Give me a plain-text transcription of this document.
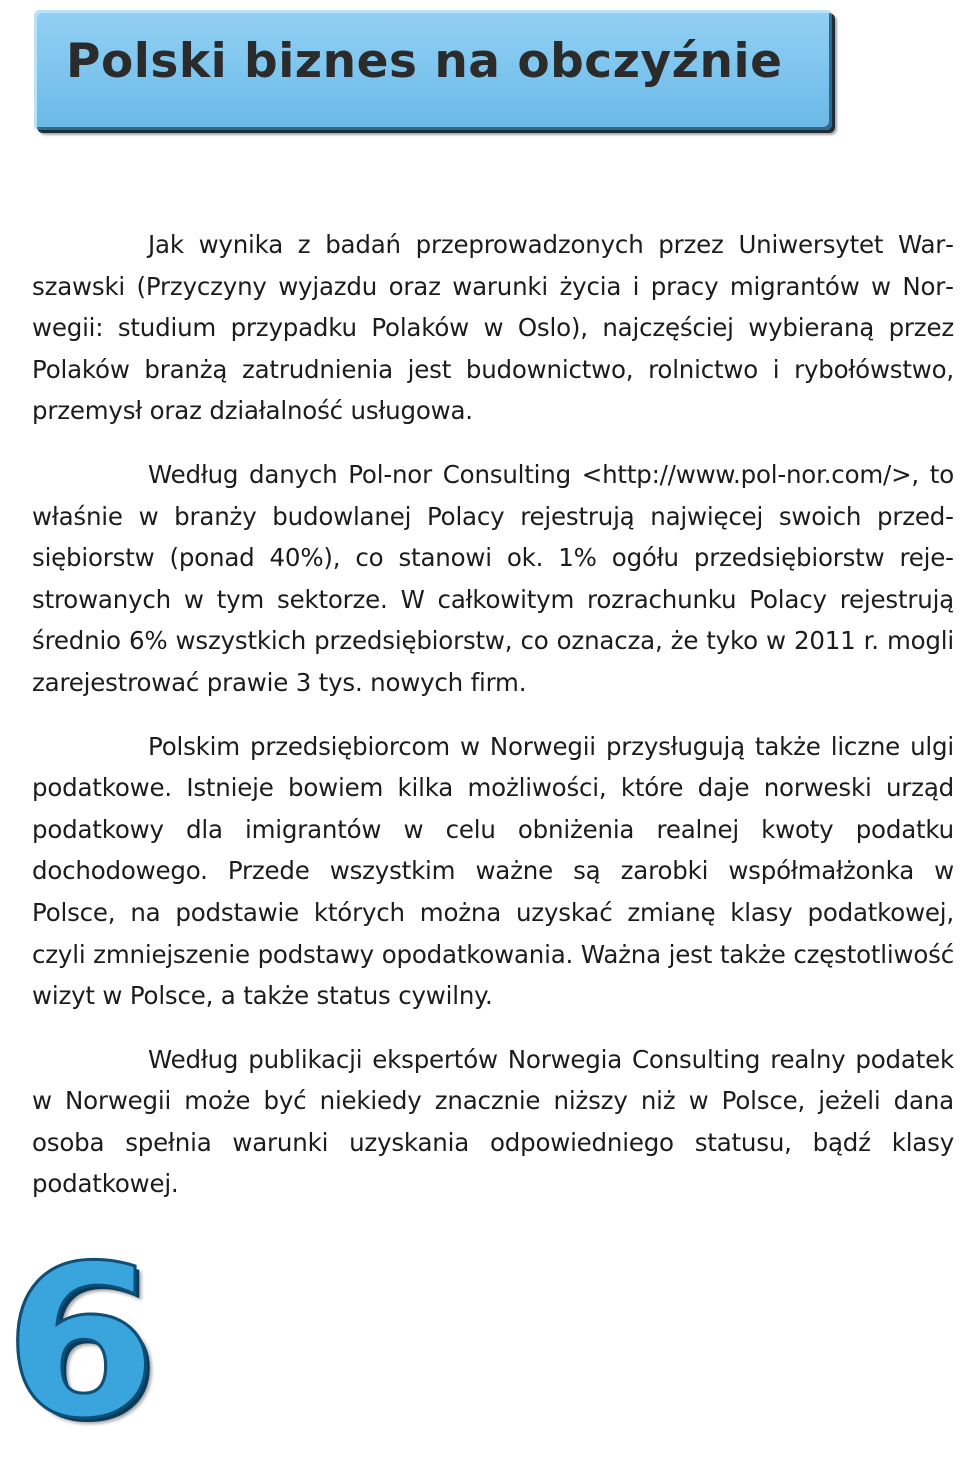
Polski biznes na obczyźnie

Jak wynika z badań przeprowadzonych przez Uniwersytet Warszawski (Przyczyny wyjazdu oraz warunki życia i pracy migrantów w Norwegii: studium przypadku Polaków w Oslo), najczęściej wybieraną przez Polaków branżą zatrudnienia jest budownictwo, rolnictwo i rybołówstwo, przemysł oraz działalność usługowa.

Według danych Pol-nor Consulting <http://www.pol-nor.com/>, to właśnie w branży budowlanej Polacy rejestrują najwięcej swoich przedsiębiorstw (ponad 40%), co stanowi ok. 1% ogółu przedsiębiorstw rejestrowanych w tym sektorze. W całkowitym rozrachunku Polacy rejestrują średnio 6% wszystkich przedsiębiorstw, co oznacza, że tyko w 2011 r. mogli zarejestrować prawie 3 tys. nowych firm.

Polskim przedsiębiorcom w Norwegii przysługują także liczne ulgi podatkowe. Istnieje bowiem kilka możliwości, które daje norweski urząd podatkowy dla imigrantów w celu obniżenia realnej kwoty podatku dochodowego. Przede wszystkim ważne są zarobki współmałżonka w Polsce, na podstawie których można uzyskać zmianę klasy podatkowej, czyli zmniejszenie podstawy opodatkowania. Ważna jest także częstotliwość wizyt w Polsce, a także status cywilny.

Według publikacji ekspertów Norwegia Consulting realny podatek w Norwegii może być niekiedy znacznie niższy niż w Polsce, jeżeli dana osoba spełnia warunki uzyskania odpowiedniego statusu, bądź klasy podatkowej.

6
